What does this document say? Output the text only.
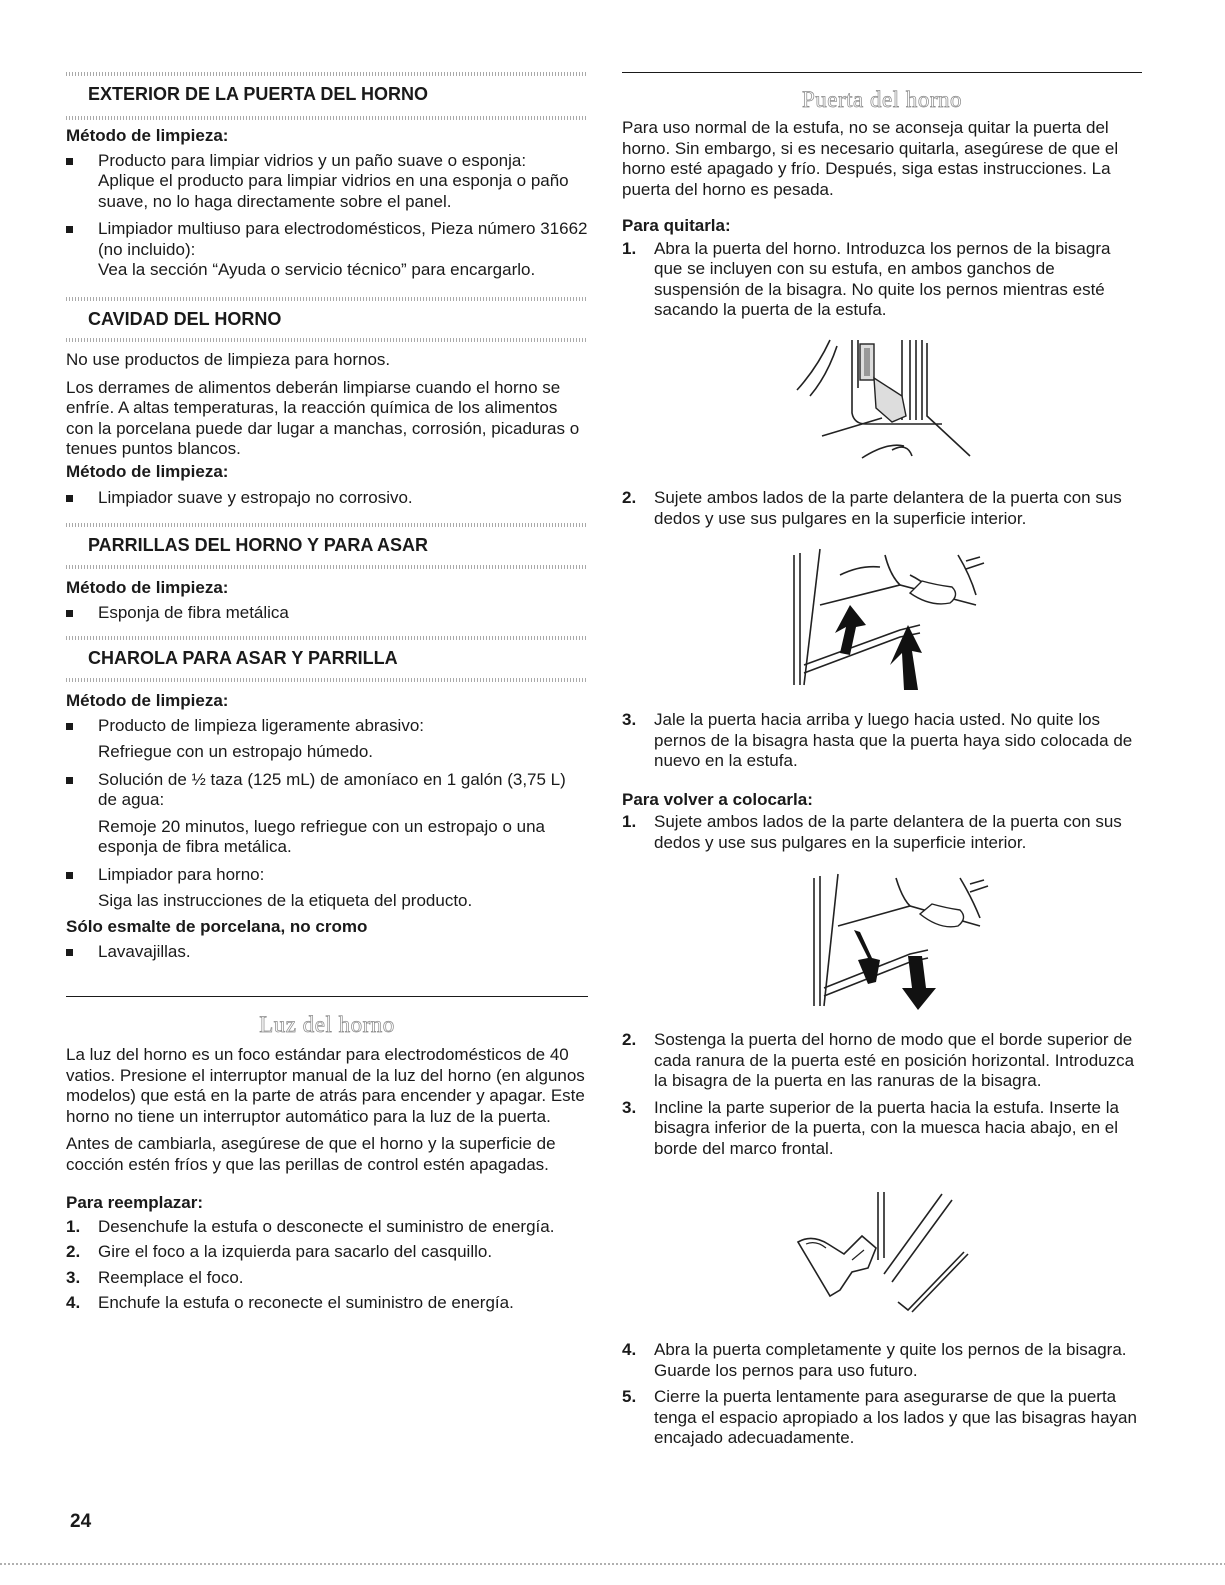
EXTERIOR DE LA PUERTA DEL HORNO
Método de limpieza:
Producto para limpiar vidrios y un paño suave o esponja:
Aplique el producto para limpiar vidrios en una esponja o paño suave, no lo haga directamente sobre el panel.
Limpiador multiuso para electrodomésticos, Pieza número 31662 (no incluido):
Vea la sección “Ayuda o servicio técnico” para encargarlo.
CAVIDAD DEL HORNO

No use productos de limpieza para hornos.

Los derrames de alimentos deberán limpiarse cuando el horno se enfríe. A altas temperaturas, la reacción química de los alimentos con la porcelana puede dar lugar a manchas, corrosión, picaduras o tenues puntos blancos.

Método de limpieza:
Limpiador suave y estropajo no corrosivo.
PARRILLAS DEL HORNO Y PARA ASAR
Método de limpieza:
Esponja de fibra metálica
CHAROLA PARA ASAR Y PARRILLA
Método de limpieza:
Producto de limpieza ligeramente abrasivo:
Refriegue con un estropajo húmedo.
Solución de ½ taza (125 mL) de amoníaco en 1 galón (3,75 L) de agua:
Remoje 20 minutos, luego refriegue con un estropajo o una esponja de fibra metálica.
Limpiador para horno:
Siga las instrucciones de la etiqueta del producto.
Sólo esmalte de porcelana, no cromo
Lavavajillas.
Luz del horno

La luz del horno es un foco estándar para electrodomésticos de 40 vatios. Presione el interruptor manual de la luz del horno (en algunos modelos) que está en la parte de atrás para encender y apagar. Este horno no tiene un interruptor automático para la luz de la puerta.

Antes de cambiarla, asegúrese de que el horno y la superficie de cocción estén fríos y que las perillas de control estén apagadas.

Para reemplazar:
1. Desenchufe la estufa o desconecte el suministro de energía.
2. Gire el foco a la izquierda para sacarlo del casquillo.
3. Reemplace el foco.
4. Enchufe la estufa o reconecte el suministro de energía.
Puerta del horno

Para uso normal de la estufa, no se aconseja quitar la puerta del horno. Sin embargo, si es necesario quitarla, asegúrese de que el horno esté apagado y frío. Después, siga estas instrucciones. La puerta del horno es pesada.

Para quitarla:
1. Abra la puerta del horno. Introduzca los pernos de la bisagra que se incluyen con su estufa, en ambos ganchos de suspensión de la bisagra. No quite los pernos mientras esté sacando la puerta de la estufa.
2. Sujete ambos lados de la parte delantera de la puerta con sus dedos y use sus pulgares en la superficie interior.
3. Jale la puerta hacia arriba y luego hacia usted. No quite los pernos de la bisagra hasta que la puerta haya sido colocada de nuevo en la estufa.
Para volver a colocarla:
1. Sujete ambos lados de la parte delantera de la puerta con sus dedos y use sus pulgares en la superficie interior.
2. Sostenga la puerta del horno de modo que el borde superior de cada ranura de la puerta esté en posición horizontal. Introduzca la bisagra de la puerta en las ranuras de la bisagra.
3. Incline la parte superior de la puerta hacia la estufa. Inserte la bisagra inferior de la puerta, con la muesca hacia abajo, en el borde del marco frontal.
4. Abra la puerta completamente y quite los pernos de la bisagra. Guarde los pernos para uso futuro.
5. Cierre la puerta lentamente para asegurarse de que la puerta tenga el espacio apropiado a los lados y que las bisagras hayan encajado adecuadamente.
24
